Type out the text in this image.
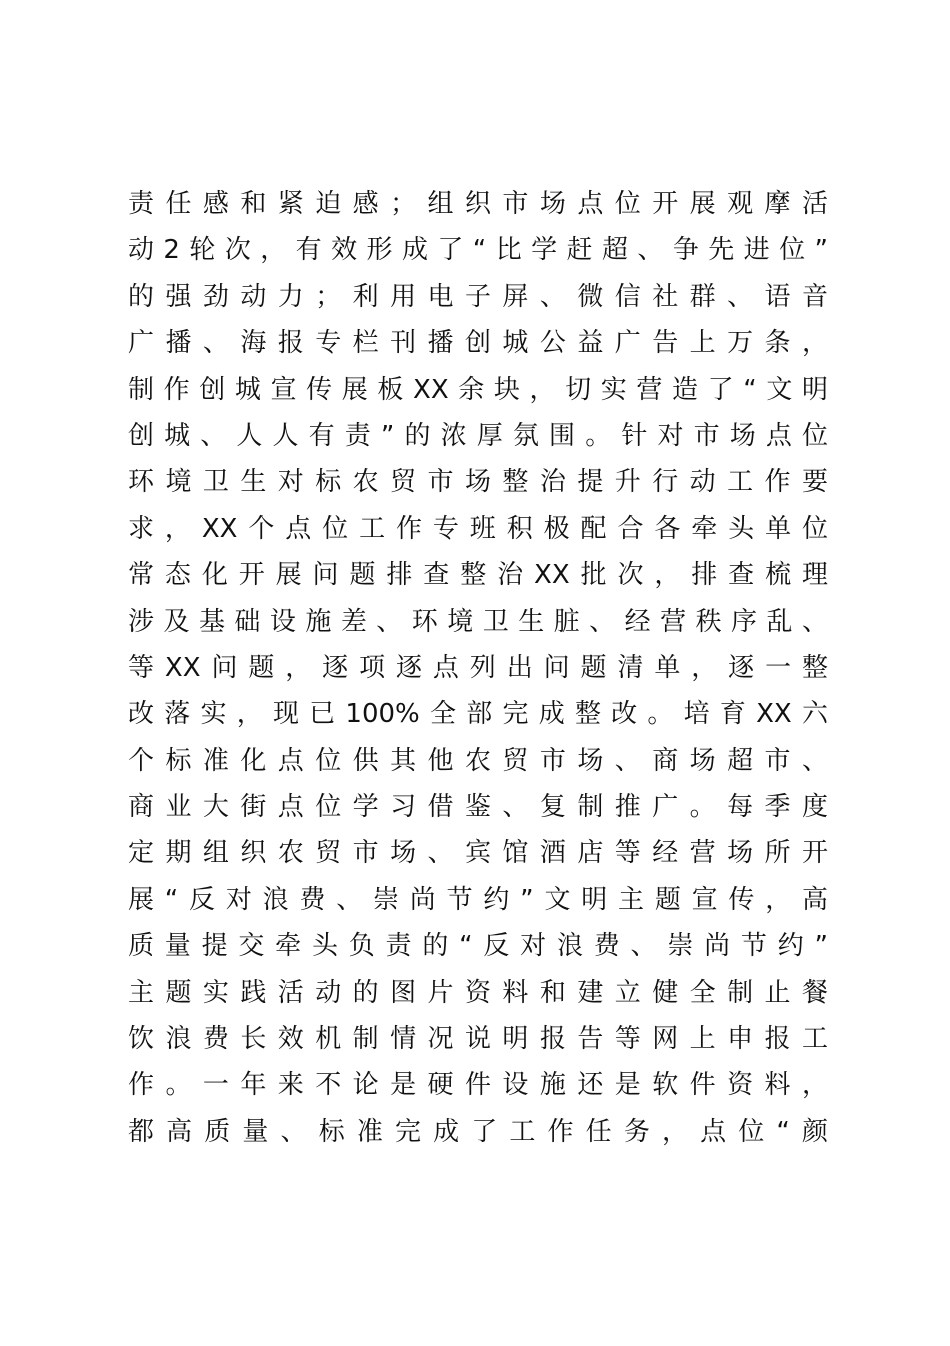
责任感和紧迫感；组织市场点位开展观摩活
动2轮次，有效形成了“比学赶超、争先进位”
的强劲动力；利用电子屏、微信社群、语音
广播、海报专栏刊播创城公益广告上万条，
制作创城宣传展板XX余块，切实营造了“文明
创城、人人有责”的浓厚氛围。针对市场点位
环境卫生对标农贸市场整治提升行动工作要
求，XX个点位工作专班积极配合各牵头单位
常态化开展问题排查整治XX批次，排查梳理
涉及基础设施差、环境卫生脏、经营秩序乱、
等XX问题，逐项逐点列出问题清单，逐一整
改落实，现已100%全部完成整改。培育XX六
个标准化点位供其他农贸市场、商场超市、
商业大街点位学习借鉴、复制推广。每季度
定期组织农贸市场、宾馆酒店等经营场所开
展“反对浪费、崇尚节约”文明主题宣传，高
质量提交牵头负责的“反对浪费、崇尚节约”
主题实践活动的图片资料和建立健全制止餐
饮浪费长效机制情况说明报告等网上申报工
作。一年来不论是硬件设施还是软件资料，
都高质量、标准完成了工作任务，点位“颜
